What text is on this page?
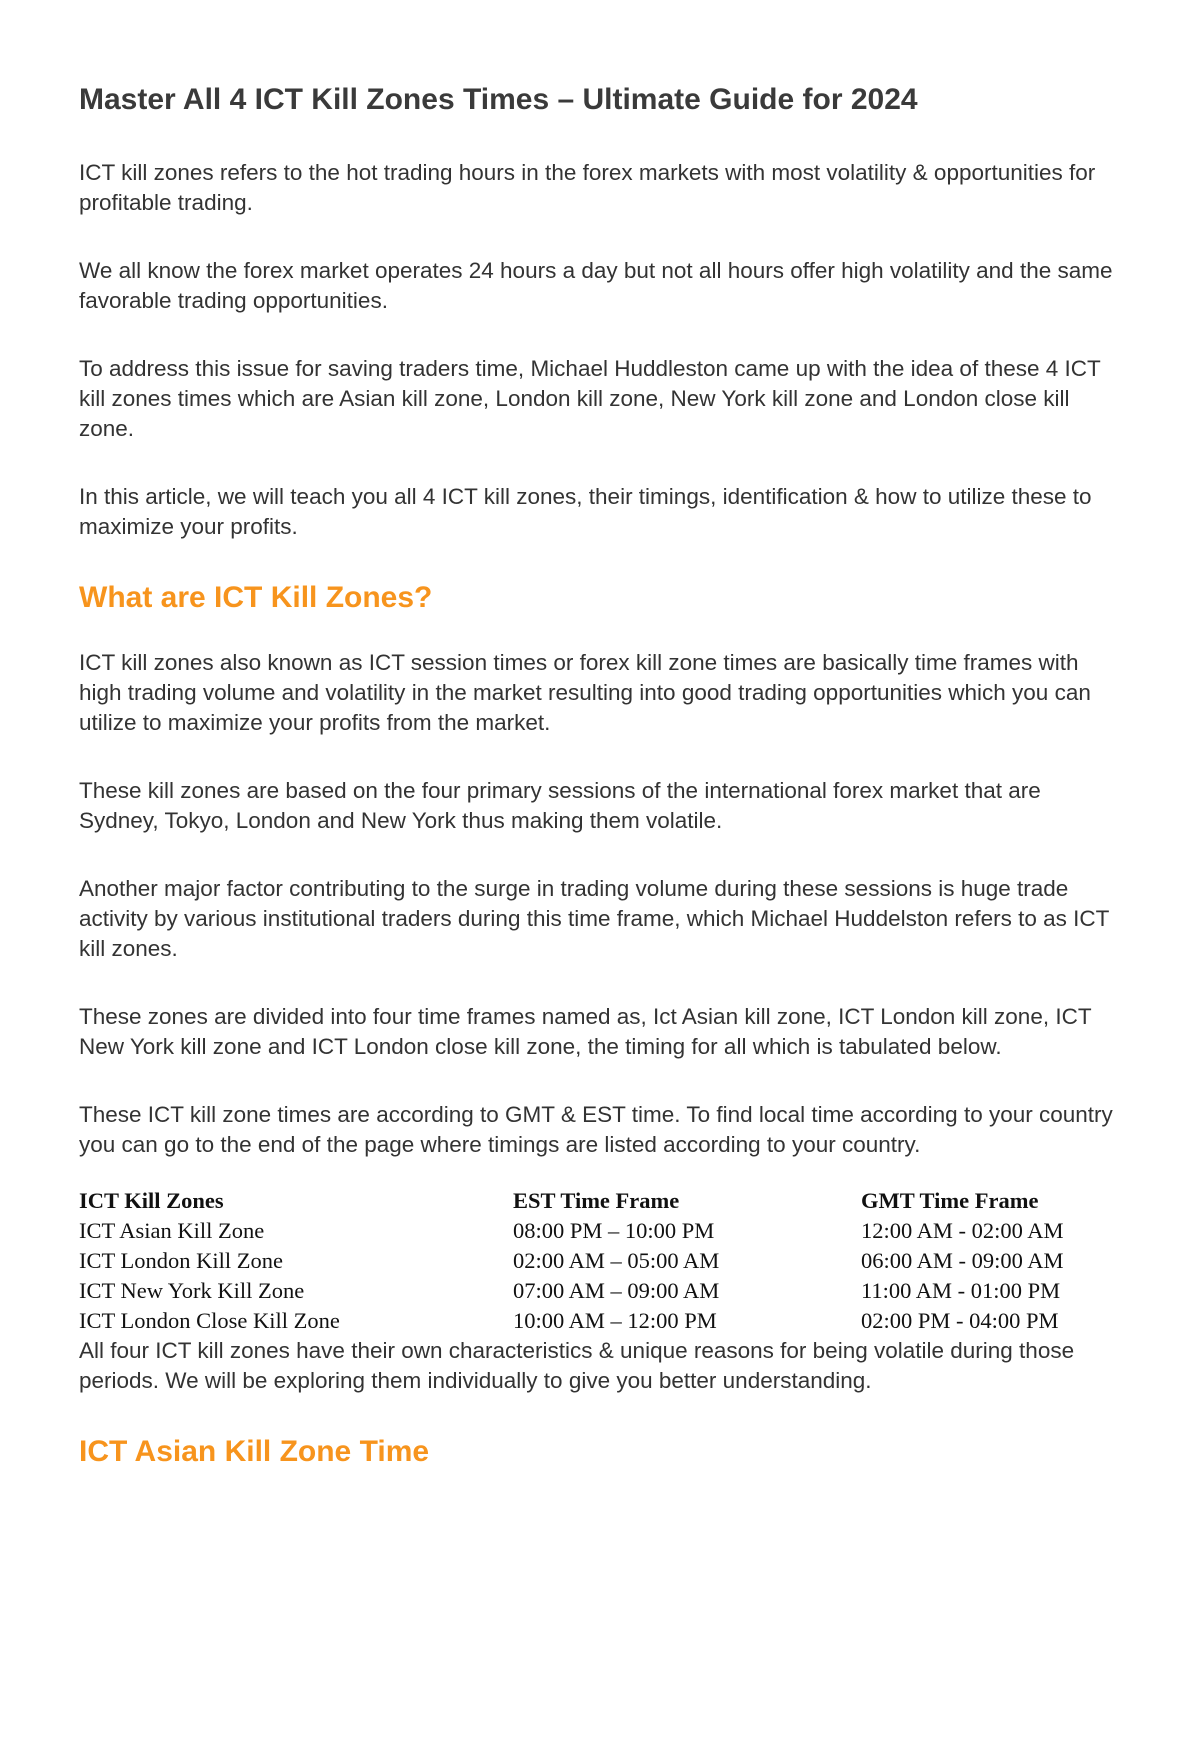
Master All 4 ICT Kill Zones Times – Ultimate Guide for 2024

ICT kill zones refers to the hot trading hours in the forex markets with most volatility & opportunities for profitable trading.

We all know the forex market operates 24 hours a day but not all hours offer high volatility and the same favorable trading opportunities.

To address this issue for saving traders time, Michael Huddleston came up with the idea of these 4 ICT kill zones times which are Asian kill zone, London kill zone, New York kill zone and London close kill zone.

In this article, we will teach you all 4 ICT kill zones, their timings, identification & how to utilize these to maximize your profits.

What are ICT Kill Zones?

ICT kill zones also known as ICT session times or forex kill zone times are basically time frames with high trading volume and volatility in the market resulting into good trading opportunities which you can utilize to maximize your profits from the market.

These kill zones are based on the four primary sessions of the international forex market that are Sydney, Tokyo, London and New York thus making them volatile.

Another major factor contributing to the surge in trading volume during these sessions is huge trade activity by various institutional traders during this time frame, which Michael Huddelston refers to as ICT kill zones.

These zones are divided into four time frames named as, Ict Asian kill zone, ICT London kill zone, ICT New York kill zone and ICT London close kill zone, the timing for all which is tabulated below.

These ICT kill zone times are according to GMT & EST time. To find local time according to your country you can go to the end of the page where timings are listed according to your country.

ICT Kill Zones	EST Time Frame	GMT Time Frame
ICT Asian Kill Zone	08:00 PM – 10:00 PM	12:00 AM - 02:00 AM
ICT London Kill Zone	02:00 AM – 05:00 AM	06:00 AM - 09:00 AM
ICT New York Kill Zone	07:00 AM – 09:00 AM	11:00 AM - 01:00 PM
ICT London Close Kill Zone	10:00 AM – 12:00 PM	02:00 PM - 04:00 PM

All four ICT kill zones have their own characteristics & unique reasons for being volatile during those periods. We will be exploring them individually to give you better understanding.

ICT Asian Kill Zone Time
